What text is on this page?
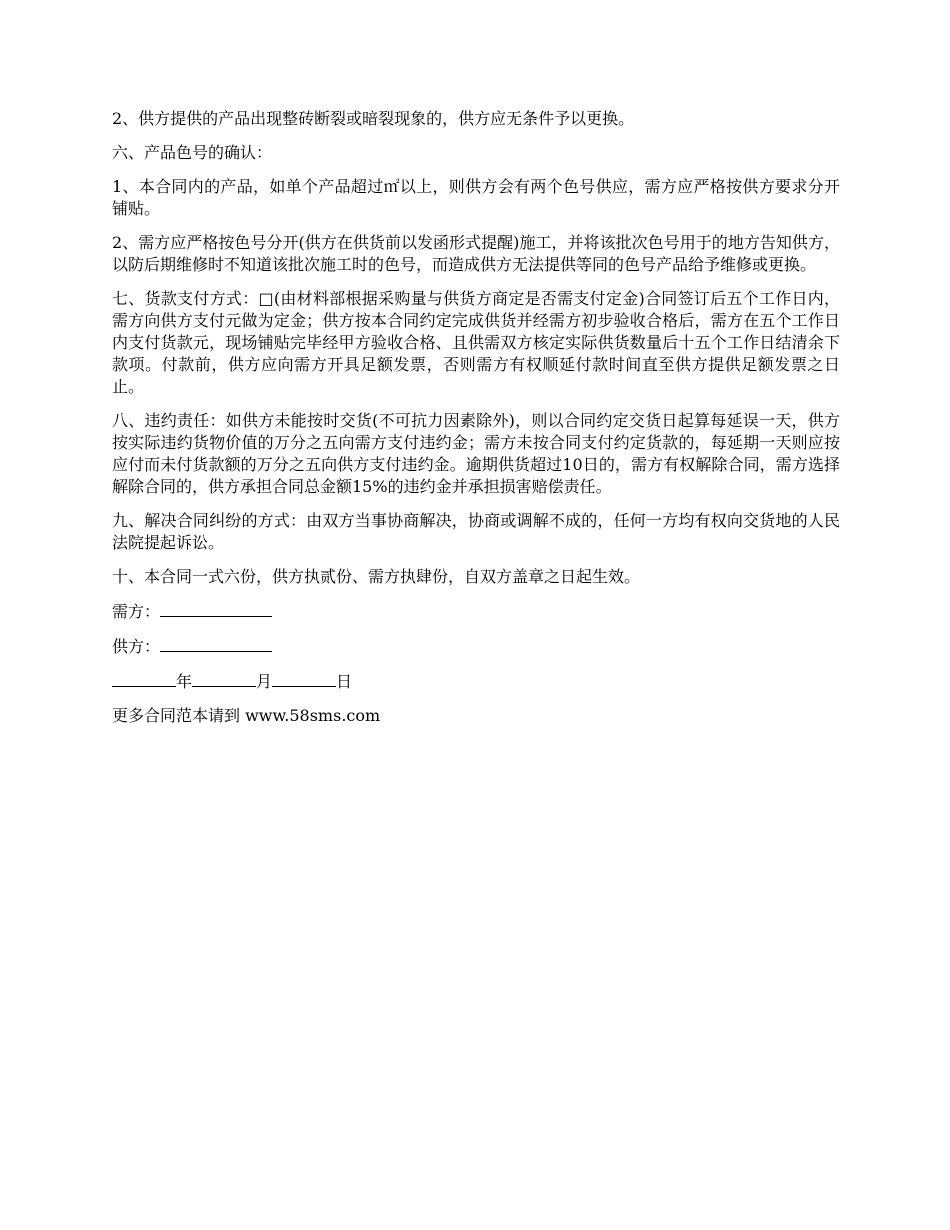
2、供方提供的产品出现整砖断裂或暗裂现象的，供方应无条件予以更换。

六、产品色号的确认：

1、本合同内的产品，如单个产品超过㎡以上，则供方会有两个色号供应，需方应严格按供方要求分开铺贴。

2、需方应严格按色号分开(供方在供货前以发函形式提醒)施工，并将该批次色号用于的地方告知供方，以防后期维修时不知道该批次施工时的色号，而造成供方无法提供等同的色号产品给予维修或更换。

七、货款支付方式：□(由材料部根据采购量与供货方商定是否需支付定金)合同签订后五个工作日内，需方向供方支付元做为定金；供方按本合同约定完成供货并经需方初步验收合格后，需方在五个工作日内支付货款元，现场铺贴完毕经甲方验收合格、且供需双方核定实际供货数量后十五个工作日结清余下款项。付款前，供方应向需方开具足额发票，否则需方有权顺延付款时间直至供方提供足额发票之日止。

八、违约责任：如供方未能按时交货(不可抗力因素除外)，则以合同约定交货日起算每延误一天，供方按实际违约货物价值的万分之五向需方支付违约金；需方未按合同支付约定货款的，每延期一天则应按应付而未付货款额的万分之五向供方支付违约金。逾期供货超过10日的，需方有权解除合同，需方选择解除合同的，供方承担合同总金额15%的违约金并承担损害赔偿责任。

九、解决合同纠纷的方式：由双方当事协商解决，协商或调解不成的，任何一方均有权向交货地的人民法院提起诉讼。

十、本合同一式六份，供方执贰份、需方执肆份，自双方盖章之日起生效。

需方：

供方：

年	月	日

更多合同范本请到 www.58sms.com
